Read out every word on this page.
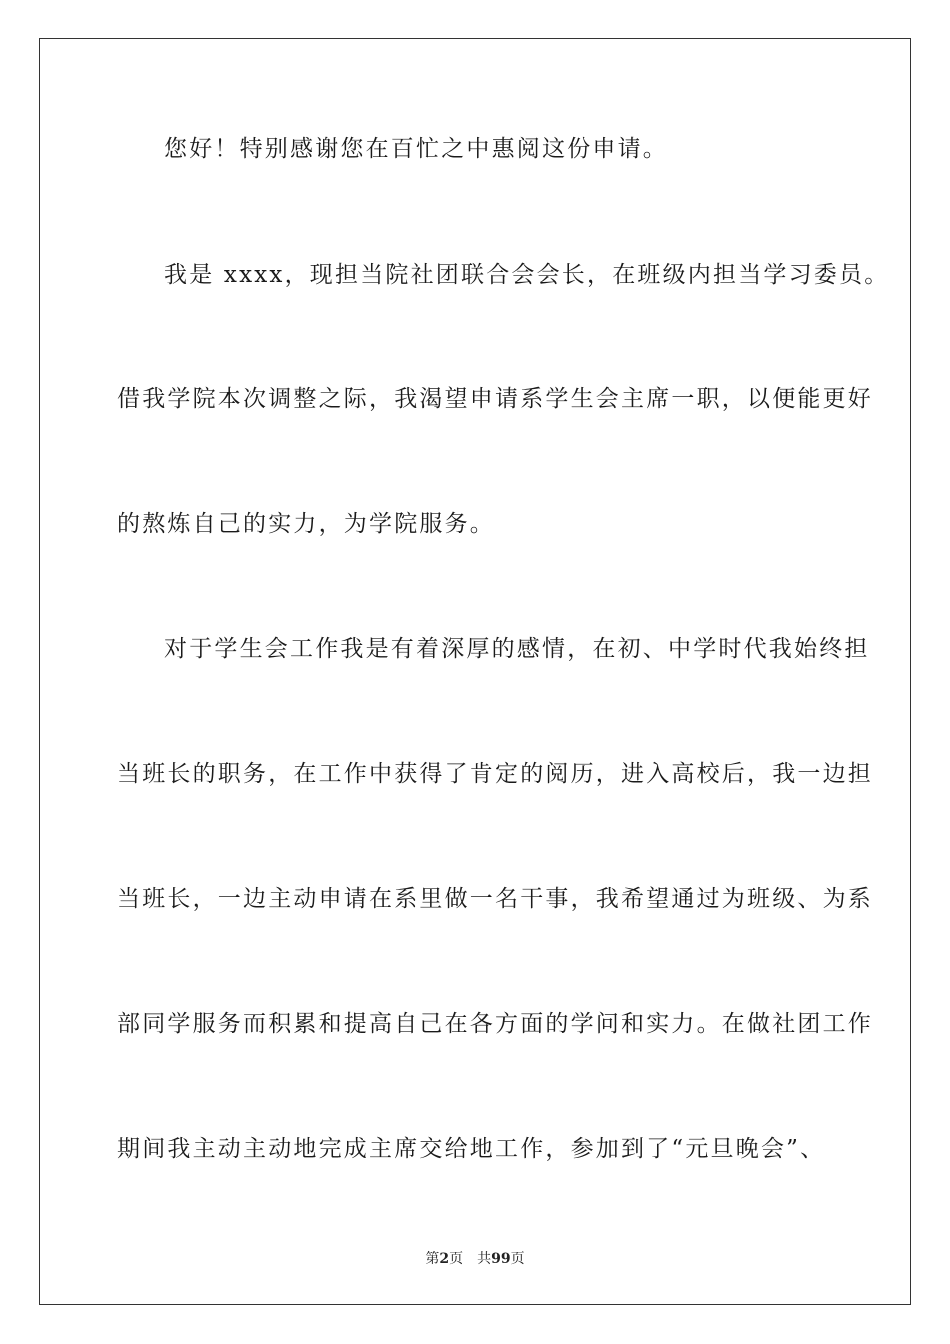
您好！特别感谢您在百忙之中惠阅这份申请。
我是 xxxx，现担当院社团联合会会长，在班级内担当学习委员。
借我学院本次调整之际，我渴望申请系学生会主席一职，以便能更好
的熬炼自己的实力，为学院服务。
对于学生会工作我是有着深厚的感情，在初、中学时代我始终担
当班长的职务，在工作中获得了肯定的阅历，进入高校后，我一边担
当班长，一边主动申请在系里做一名干事，我希望通过为班级、为系
部同学服务而积累和提高自己在各方面的学问和实力。在做社团工作
期间我主动主动地完成主席交给地工作，参加到了“元旦晚会”、
第2页 共99页
